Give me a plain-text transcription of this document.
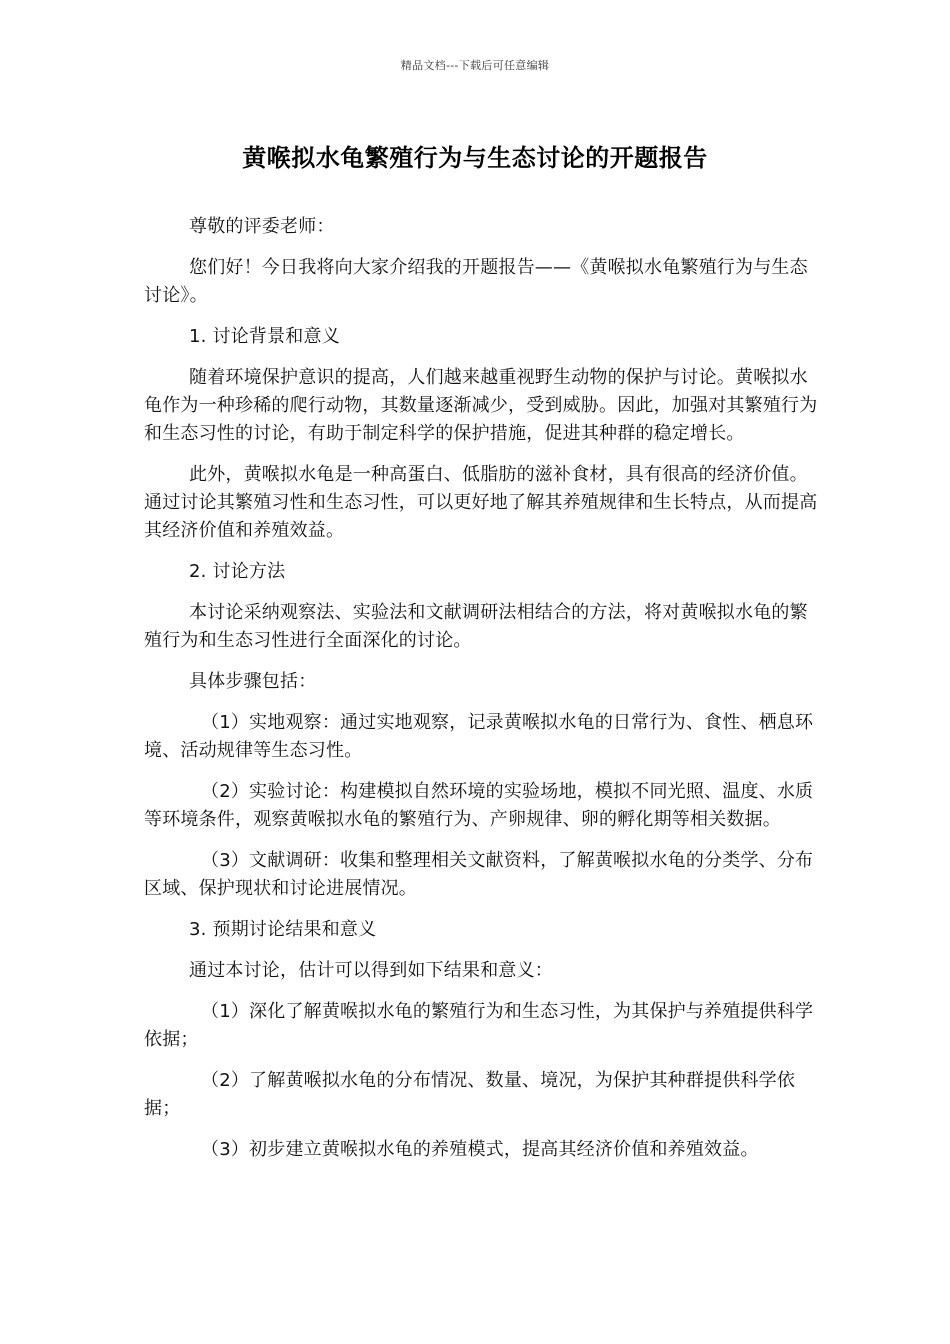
精品文档---下载后可任意编辑
黄喉拟水龟繁殖行为与生态讨论的开题报告

尊敬的评委老师：

您们好！今日我将向大家介绍我的开题报告——《黄喉拟水龟繁殖行为与生态讨论》。

1. 讨论背景和意义

随着环境保护意识的提高，人们越来越重视野生动物的保护与讨论。黄喉拟水龟作为一种珍稀的爬行动物，其数量逐渐减少，受到威胁。因此，加强对其繁殖行为和生态习性的讨论，有助于制定科学的保护措施，促进其种群的稳定增长。

此外，黄喉拟水龟是一种高蛋白、低脂肪的滋补食材，具有很高的经济价值。通过讨论其繁殖习性和生态习性，可以更好地了解其养殖规律和生长特点，从而提高其经济价值和养殖效益。

2. 讨论方法

本讨论采纳观察法、实验法和文献调研法相结合的方法，将对黄喉拟水龟的繁殖行为和生态习性进行全面深化的讨论。

具体步骤包括：

（1）实地观察：通过实地观察，记录黄喉拟水龟的日常行为、食性、栖息环境、活动规律等生态习性。

（2）实验讨论：构建模拟自然环境的实验场地，模拟不同光照、温度、水质等环境条件，观察黄喉拟水龟的繁殖行为、产卵规律、卵的孵化期等相关数据。

（3）文献调研：收集和整理相关文献资料，了解黄喉拟水龟的分类学、分布区域、保护现状和讨论进展情况。

3. 预期讨论结果和意义

通过本讨论，估计可以得到如下结果和意义：

（1）深化了解黄喉拟水龟的繁殖行为和生态习性，为其保护与养殖提供科学依据；

（2）了解黄喉拟水龟的分布情况、数量、境况，为保护其种群提供科学依据；

（3）初步建立黄喉拟水龟的养殖模式，提高其经济价值和养殖效益。
